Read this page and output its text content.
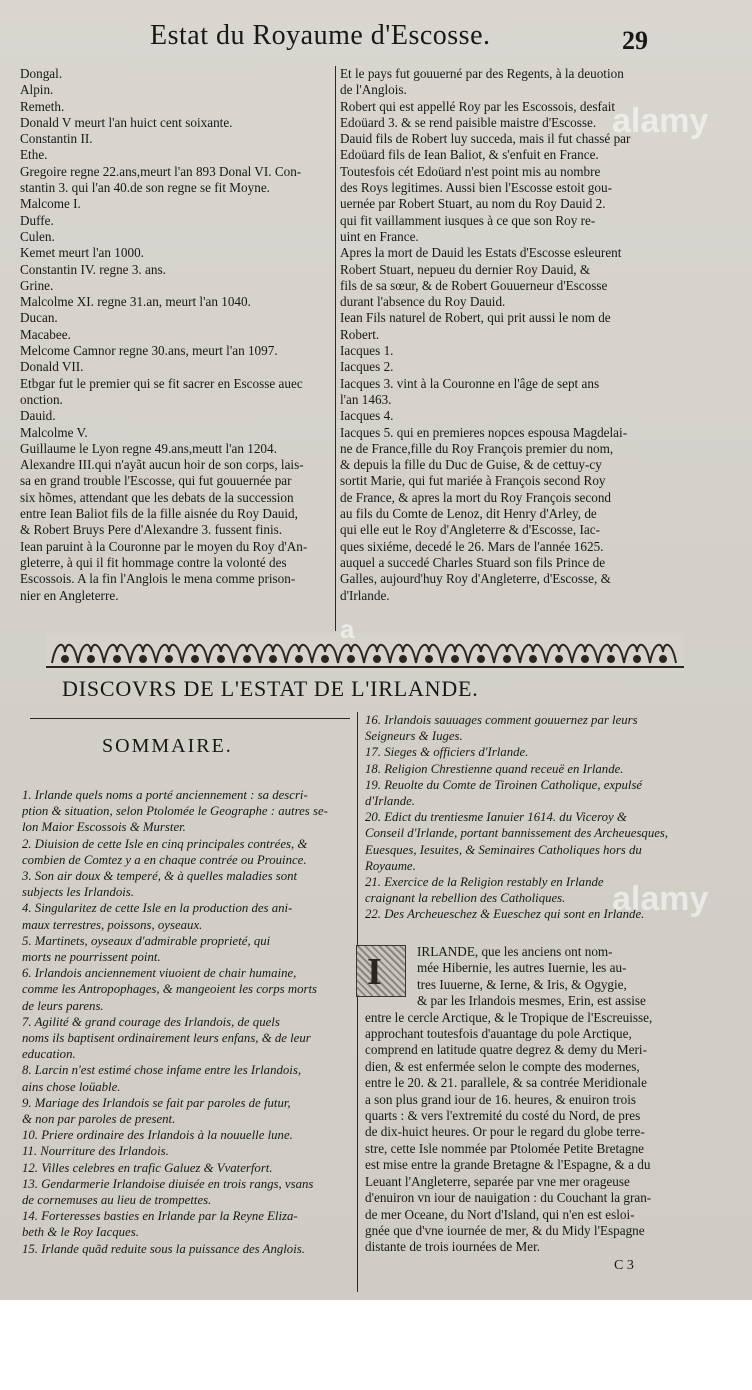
Estat du Royaume d'Escosse.	29
Dongal.
Alpin.
Remeth.
Donald V meurt l'an huict cent soixante.
Constantin II.
Ethe.
Gregoire regne 22.ans,meurt l'an 893 Donal VI. Con-
stantin 3. qui l'an 40.de son regne se fit Moyne.
Malcome I.
Duffe.
Culen.
Kemet meurt l'an 1000.
Constantin IV. regne 3. ans.
Grine.
Malcolme XI. regne 31.an, meurt l'an 1040.
Ducan.
Macabee.
Melcome Camnor regne 30.ans, meurt l'an 1097.
Donald VII.
Etbgar fut le premier qui se fit sacrer en Escosse auec
onction.
Dauid.
Malcolme V.
Guillaume le Lyon regne 49.ans,meutt l'an 1204.
Alexandre III.qui n'ayãt aucun hoir de son corps, lais-
sa en grand trouble l'Escosse, qui fut gouuernée par
six hõmes, attendant que les debats de la succession
entre Iean Baliot fils de la fille aisnée du Roy Dauid,
& Robert Bruys Pere d'Alexandre 3. fussent finis.
Iean paruint à la Couronne par le moyen du Roy d'An-
gleterre, à qui il fit hommage contre la volonté des
Escossois. A la fin l'Anglois le mena comme prison-
nier en Angleterre.
Et le pays fut gouuerné par des Regents, à la deuotion
de l'Anglois.
Robert qui est appellé Roy par les Escossois, desfait
Edoüard 3. & se rend paisible maistre d'Escosse.
Dauid fils de Robert luy succeda, mais il fut chassé par
Edoüard fils de Iean Baliot, & s'enfuit en France.
Toutesfois cét Edoüard n'est point mis au nombre
des Roys legitimes. Aussi bien l'Escosse estoit gou-
uernée par Robert Stuart, au nom du Roy Dauid 2.
qui fit vaillamment iusques à ce que son Roy re-
uint en France.
Apres la mort de Dauid les Estats d'Escosse esleurent
Robert Stuart, nepueu du dernier Roy Dauid, &
fils de sa sœur, & de Robert Gouuerneur d'Escosse
durant l'absence du Roy Dauid.
Iean Fils naturel de Robert, qui prit aussi le nom de
Robert.
Iacques 1.
Iacques 2.
Iacques 3. vint à la Couronne en l'âge de sept ans
l'an 1463.
Iacques 4.
Iacques 5. qui en premieres nopces espousa Magdelai-
ne de France,fille du Roy François premier du nom,
& depuis la fille du Duc de Guise, & de cettuy-cy
sortit Marie, qui fut mariée à François second Roy
de France, & apres la mort du Roy François second
au fils du Comte de Lenoz, dit Henry d'Arley, de
qui elle eut le Roy d'Angleterre & d'Escosse, Iac-
ques sixiéme, decedé le 26. Mars de l'année 1625.
auquel a succedé Charles Stuard son fils Prince de
Galles, aujourd'huy Roy d'Angleterre, d'Escosse, &
d'Irlande.
DISCOVRS DE L'ESTAT DE L'IRLANDE.
SOMMAIRE.
1. Irlande quels noms a porté anciennement : sa descri-
ption & situation, selon Ptolomée le Geographe : autres se-
lon Maior Escossois & Murster.
2. Diuision de cette Isle en cinq principales contrées, &
combien de Comtez y a en chaque contrée ou Prouince.
3. Son air doux & temperé, & à quelles maladies sont
subjects les Irlandois.
4. Singularitez de cette Isle en la production des ani-
maux terrestres, poissons, oyseaux.
5. Martinets, oyseaux d'admirable proprieté, qui
morts ne pourrissent point.
6. Irlandois anciennement viuoient de chair humaine,
comme les Antropophages, & mangeoient les corps morts
de leurs parens.
7. Agilité & grand courage des Irlandois, de quels
noms ils baptisent ordinairement leurs enfans, & de leur
education.
8. Larcin n'est estimé chose infame entre les Irlandois,
ains chose loüable.
9. Mariage des Irlandois se fait par paroles de futur,
& non par paroles de present.
10. Priere ordinaire des Irlandois à la nouuelle lune.
11. Nourriture des Irlandois.
12. Villes celebres en trafic Galuez & Vvaterfort.
13. Gendarmerie Irlandoise diuisée en trois rangs, vsans
de cornemuses au lieu de trompettes.
14. Forteresses basties en Irlande par la Reyne Eliza-
beth & le Roy Iacques.
15. Irlande quãd reduite sous la puissance des Anglois.
16. Irlandois sauuages comment gouuernez par leurs
Seigneurs & Iuges.
17. Sieges & officiers d'Irlande.
18. Religion Chrestienne quand receuë en Irlande.
19. Reuolte du Comte de Tiroinen Catholique, expulsé
d'Irlande.
20. Edict du trentiesme Ianuier 1614. du Viceroy &
Conseil d'Irlande, portant bannissement des Archeuesques,
Euesques, Iesuites, & Seminaires Catholiques hors du
Royaume.
21. Exercice de la Religion restably en Irlande
craignant la rebellion des Catholiques.
22. Des Archeueschez & Eueschez qui sont en Irlande.
I	IRLANDE, que les anciens ont nom-
mée Hibernie, les autres Iuernie, les au-
tres Iuuerne, & Ierne, & Iris, & Ogygie,
& par les Irlandois mesmes, Erin, est assise
entre le cercle Arctique, & le Tropique de l'Escreuisse,
approchant toutesfois d'auantage du pole Arctique,
comprend en latitude quatre degrez & demy du Meri-
dien, & est enfermée selon le compte des modernes,
entre le 20. & 21. parallele, & sa contrée Meridionale
a son plus grand iour de 16. heures, & enuiron trois
quarts : & vers l'extremité du costé du Nord, de pres
de dix-huict heures. Or pour le regard du globe terre-
stre, cette Isle nommée par Ptolomée Petite Bretagne
est mise entre la grande Bretagne & l'Espagne, & a du
Leuant l'Angleterre, separée par vne mer orageuse
d'enuiron vn iour de nauigation : du Couchant la gran-
de mer Oceane, du Nort d'Island, qui n'en est esloi-
gnée que d'vne iournée de mer, & du Midy l'Espagne
distante de trois iournées de Mer.
C 3
alamy
alamy
a
